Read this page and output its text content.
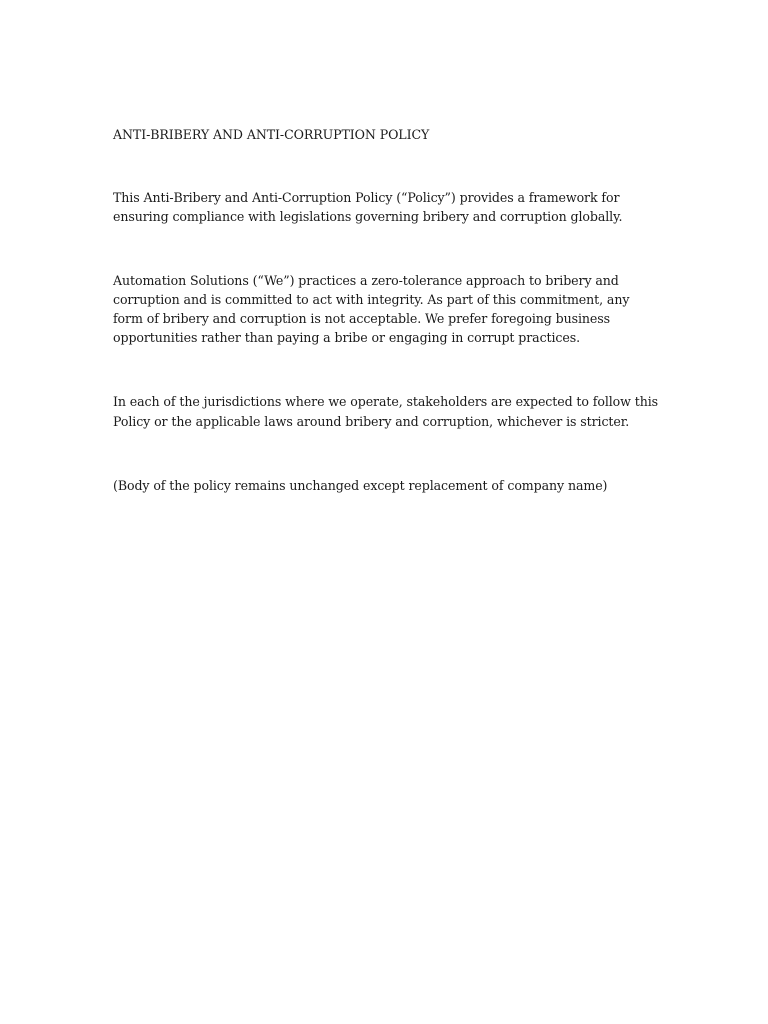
ANTI-BRIBERY AND ANTI-CORRUPTION POLICY

This Anti-Bribery and Anti-Corruption Policy (“Policy”) provides a framework for ensuring compliance with legislations governing bribery and corruption globally.

Automation Solutions (“We”) practices a zero-tolerance approach to bribery and corruption and is committed to act with integrity. As part of this commitment, any form of bribery and corruption is not acceptable. We prefer foregoing business opportunities rather than paying a bribe or engaging in corrupt practices.

In each of the jurisdictions where we operate, stakeholders are expected to follow this Policy or the applicable laws around bribery and corruption, whichever is stricter.

(Body of the policy remains unchanged except replacement of company name)
